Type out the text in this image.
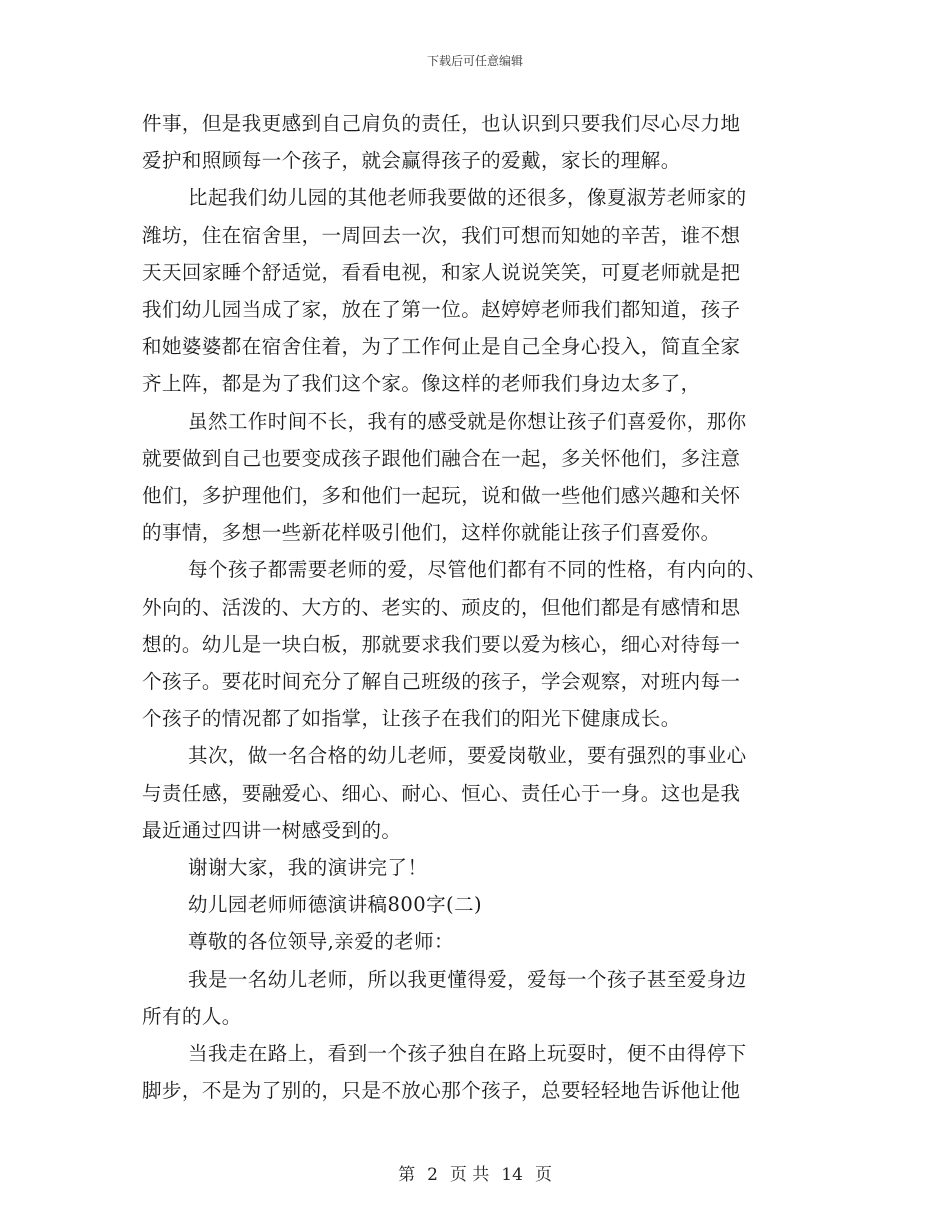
下载后可任意编辑
件事，但是我更感到自己肩负的责任，也认识到只要我们尽心尽力地
爱护和照顾每一个孩子，就会赢得孩子的爱戴，家长的理解。
比起我们幼儿园的其他老师我要做的还很多，像夏淑芳老师家的
潍坊，住在宿舍里，一周回去一次，我们可想而知她的辛苦，谁不想
天天回家睡个舒适觉，看看电视，和家人说说笑笑，可夏老师就是把
我们幼儿园当成了家，放在了第一位。赵婷婷老师我们都知道，孩子
和她婆婆都在宿舍住着，为了工作何止是自己全身心投入，简直全家
齐上阵，都是为了我们这个家。像这样的老师我们身边太多了，
虽然工作时间不长，我有的感受就是你想让孩子们喜爱你，那你
就要做到自己也要变成孩子跟他们融合在一起，多关怀他们，多注意
他们，多护理他们，多和他们一起玩，说和做一些他们感兴趣和关怀
的事情，多想一些新花样吸引他们，这样你就能让孩子们喜爱你。
每个孩子都需要老师的爱，尽管他们都有不同的性格，有内向的、
外向的、活泼的、大方的、老实的、顽皮的，但他们都是有感情和思
想的。幼儿是一块白板，那就要求我们要以爱为核心，细心对待每一
个孩子。要花时间充分了解自己班级的孩子，学会观察，对班内每一
个孩子的情况都了如指掌，让孩子在我们的阳光下健康成长。
其次，做一名合格的幼儿老师，要爱岗敬业，要有强烈的事业心
与责任感，要融爱心、细心、耐心、恒心、责任心于一身。这也是我
最近通过四讲一树感受到的。
谢谢大家，我的演讲完了！
幼儿园老师师德演讲稿800字(二)
尊敬的各位领导,亲爱的老师：
我是一名幼儿老师，所以我更懂得爱，爱每一个孩子甚至爱身边
所有的人。
当我走在路上，看到一个孩子独自在路上玩耍时，便不由得停下
脚步，不是为了别的，只是不放心那个孩子，总要轻轻地告诉他让他
第 2 页 共 14 页
